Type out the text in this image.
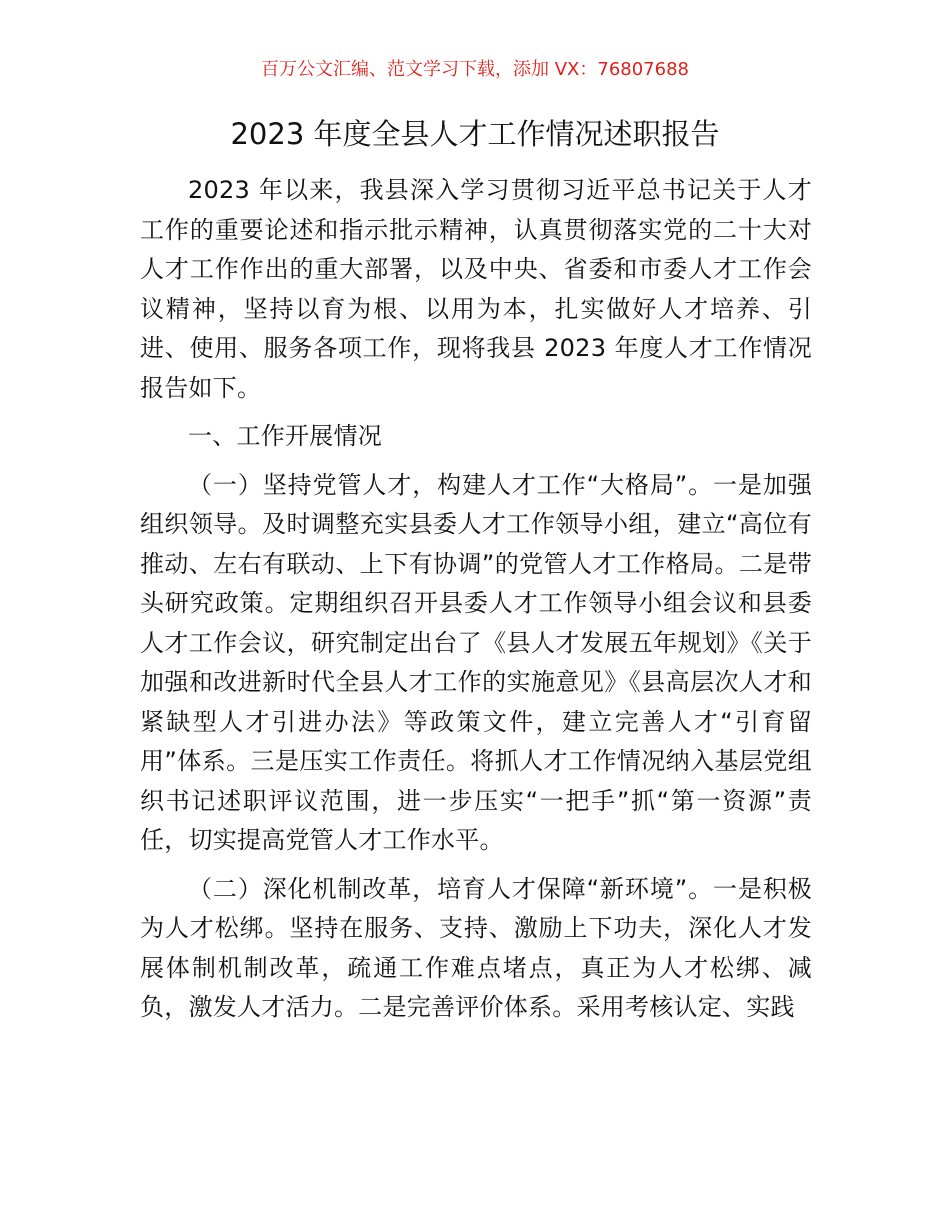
百万公文汇编、范文学习下载，添加 VX：76807688
2023 年度全县人才工作情况述职报告

2023 年以来，我县深入学习贯彻习近平总书记关于人才工作的重要论述和指示批示精神，认真贯彻落实党的二十大对人才工作作出的重大部署，以及中央、省委和市委人才工作会议精神，坚持以育为根、以用为本，扎实做好人才培养、引进、使用、服务各项工作，现将我县 2023 年度人才工作情况报告如下。

一、工作开展情况

（一）坚持党管人才，构建人才工作“大格局”。一是加强组织领导。及时调整充实县委人才工作领导小组，建立“高位有推动、左右有联动、上下有协调”的党管人才工作格局。二是带头研究政策。定期组织召开县委人才工作领导小组会议和县委人才工作会议，研究制定出台了《县人才发展五年规划》《关于加强和改进新时代全县人才工作的实施意见》《县高层次人才和紧缺型人才引进办法》等政策文件，建立完善人才“引育留用”体系。三是压实工作责任。将抓人才工作情况纳入基层党组织书记述职评议范围，进一步压实“一把手”抓“第一资源”责任，切实提高党管人才工作水平。

（二）深化机制改革，培育人才保障“新环境”。一是积极为人才松绑。坚持在服务、支持、激励上下功夫，深化人才发展体制机制改革，疏通工作难点堵点，真正为人才松绑、减负，激发人才活力。二是完善评价体系。采用考核认定、实践
